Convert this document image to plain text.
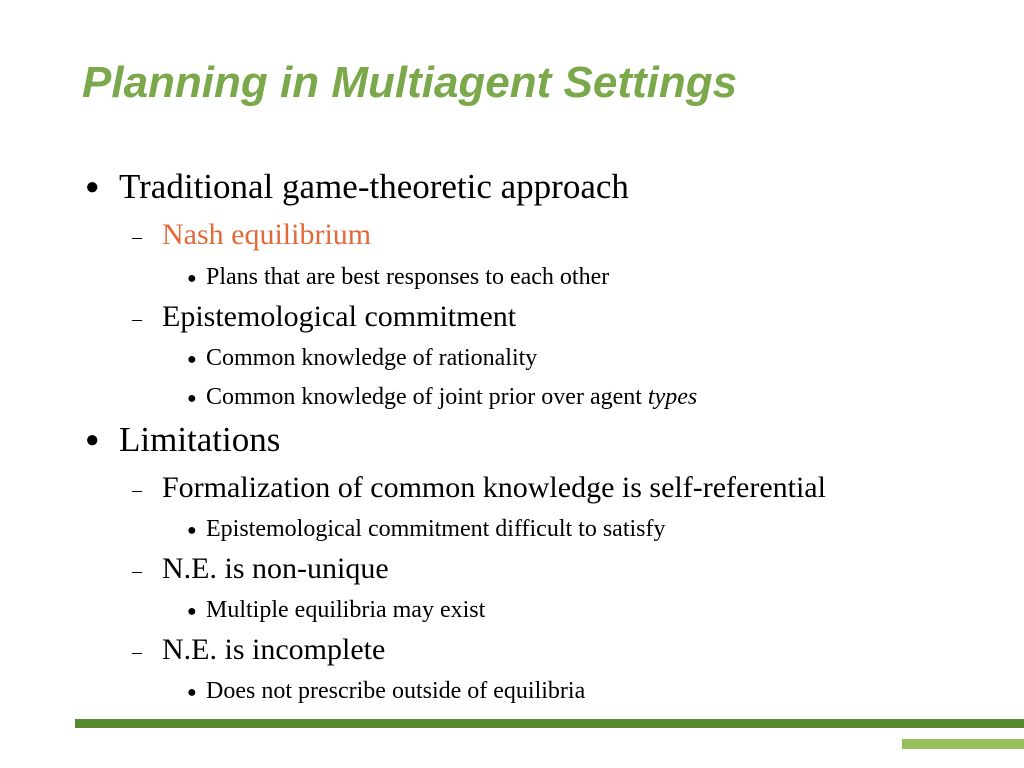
Planning in Multiagent Settings
● Traditional game-theoretic approach
– Nash equilibrium
● Plans that are best responses to each other
– Epistemological commitment
● Common knowledge of rationality
● Common knowledge of joint prior over agent types
● Limitations
– Formalization of common knowledge is self-referential
● Epistemological commitment difficult to satisfy
– N.E. is non-unique
● Multiple equilibria may exist
– N.E. is incomplete
● Does not prescribe outside of equilibria
